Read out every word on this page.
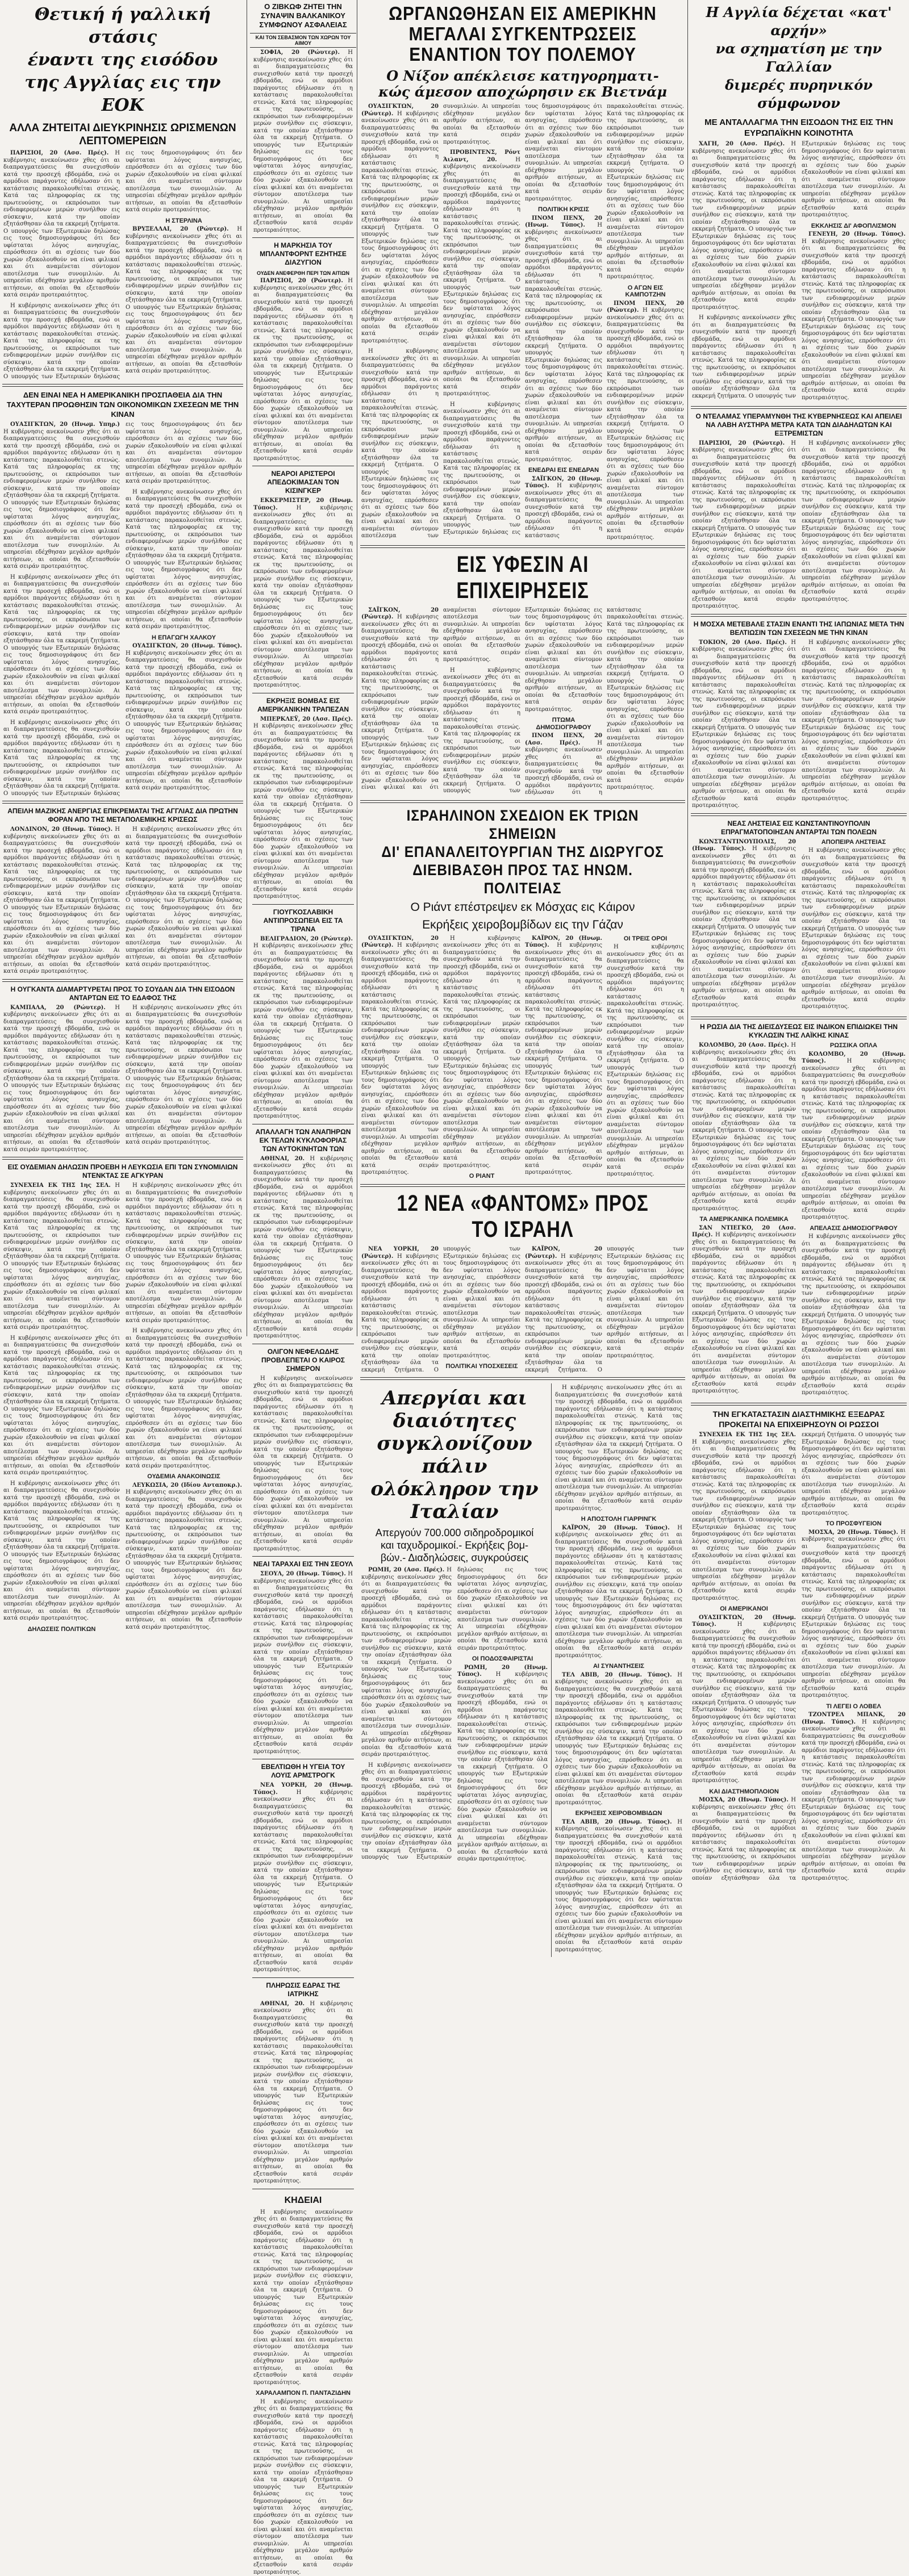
Θετική ή γαλλική στάσις
έναντι της εισόδου
της Αγγλίας εις την ΕΟΚ
ΑΛΛΑ ΖΗΤΕΙΤΑΙ ΔΙΕΥΚΡΙΝΗΣΙΣ ΩΡΙΣΜΕΝΩΝ ΛΕΠΤΟΜΕΡΕΙΩΝ

ΠΑΡΙΣΙΟΙ, 20 (Ασσ. Πρές). Η κυβέρνησις ανεκοίνωσεν χθες ότι αι διαπραγματεύσεις θα συνεχισθούν κατά την προσεχή εβδομάδα, ενώ οι αρμόδιοι παράγοντες εδήλωσαν ότι η κατάστασις παρακολουθείται στενώς. Κατά τας πληροφορίας εκ της πρωτευούσης, οι εκπρόσωποι των ενδιαφερομένων μερών συνήλθον εις σύσκεψιν, κατά την οποίαν εξητάσθησαν όλα τα εκκρεμή ζητήματα. Ο υπουργός των Εξωτερικών δηλώσας εις τους δημοσιογράφους ότι δεν υφίσταται λόγος ανησυχίας, επρόσθεσεν ότι αι σχέσεις των δύο χωρών εξακολουθούν να είναι φιλικαί και ότι αναμένεται σύντομον αποτέλεσμα των συνομιλιών. Αι υπηρεσίαι εδέχθησαν μεγάλον αριθμόν αιτήσεων, αι οποίαι θα εξετασθούν κατά σειράν προτεραιότητος.

Η κυβέρνησις ανεκοίνωσεν χθες ότι αι διαπραγματεύσεις θα συνεχισθούν κατά την προσεχή εβδομάδα, ενώ οι αρμόδιοι παράγοντες εδήλωσαν ότι η κατάστασις παρακολουθείται στενώς. Κατά τας πληροφορίας εκ της πρωτευούσης, οι εκπρόσωποι των ενδιαφερομένων μερών συνήλθον εις σύσκεψιν, κατά την οποίαν εξητάσθησαν όλα τα εκκρεμή ζητήματα. Ο υπουργός των Εξωτερικών δηλώσας εις τους δημοσιογράφους ότι δεν υφίσταται λόγος ανησυχίας, επρόσθεσεν ότι αι σχέσεις των δύο χωρών εξακολουθούν να είναι φιλικαί και ότι αναμένεται σύντομον αποτέλεσμα των συνομιλιών. Αι υπηρεσίαι εδέχθησαν μεγάλον αριθμόν αιτήσεων, αι οποίαι θα εξετασθούν κατά σειράν προτεραιότητος.

Η ΣΤΕΡΛΙΝΑ

ΒΡΥΞΕΛΛΑΙ, 20 (Ρώυτερ). Η κυβέρνησις ανεκοίνωσεν χθες ότι αι διαπραγματεύσεις θα συνεχισθούν κατά την προσεχή εβδομάδα, ενώ οι αρμόδιοι παράγοντες εδήλωσαν ότι η κατάστασις παρακολουθείται στενώς. Κατά τας πληροφορίας εκ της πρωτευούσης, οι εκπρόσωποι των ενδιαφερομένων μερών συνήλθον εις σύσκεψιν, κατά την οποίαν εξητάσθησαν όλα τα εκκρεμή ζητήματα. Ο υπουργός των Εξωτερικών δηλώσας εις τους δημοσιογράφους ότι δεν υφίσταται λόγος ανησυχίας, επρόσθεσεν ότι αι σχέσεις των δύο χωρών εξακολουθούν να είναι φιλικαί και ότι αναμένεται σύντομον αποτέλεσμα των συνομιλιών. Αι υπηρεσίαι εδέχθησαν μεγάλον αριθμόν αιτήσεων, αι οποίαι θα εξετασθούν κατά σειράν προτεραιότητος.

ΔΕΝ ΕΙΝΑΙ ΝΕΑ Η ΑΜΕΡΙΚΑΝΙΚΗ ΠΡΟΣΠΑΘΕΙΑ ΔΙΑ ΤΗΝ ΤΑΧΥΤΕΡΑΝ ΠΡΟΩΘΗΣΙΝ ΤΩΝ ΟΙΚΟΝΟΜΙΚΩΝ ΣΧΕΣΕΩΝ ΜΕ ΤΗΝ ΚΙΝΑΝ

ΟΥΑΣΙΓΚΤΩΝ, 20 (Ηνωμ. Υπηρ.) Η κυβέρνησις ανεκοίνωσεν χθες ότι αι διαπραγματεύσεις θα συνεχισθούν κατά την προσεχή εβδομάδα, ενώ οι αρμόδιοι παράγοντες εδήλωσαν ότι η κατάστασις παρακολουθείται στενώς. Κατά τας πληροφορίας εκ της πρωτευούσης, οι εκπρόσωποι των ενδιαφερομένων μερών συνήλθον εις σύσκεψιν, κατά την οποίαν εξητάσθησαν όλα τα εκκρεμή ζητήματα. Ο υπουργός των Εξωτερικών δηλώσας εις τους δημοσιογράφους ότι δεν υφίσταται λόγος ανησυχίας, επρόσθεσεν ότι αι σχέσεις των δύο χωρών εξακολουθούν να είναι φιλικαί και ότι αναμένεται σύντομον αποτέλεσμα των συνομιλιών. Αι υπηρεσίαι εδέχθησαν μεγάλον αριθμόν αιτήσεων, αι οποίαι θα εξετασθούν κατά σειράν προτεραιότητος.

Η κυβέρνησις ανεκοίνωσεν χθες ότι αι διαπραγματεύσεις θα συνεχισθούν κατά την προσεχή εβδομάδα, ενώ οι αρμόδιοι παράγοντες εδήλωσαν ότι η κατάστασις παρακολουθείται στενώς. Κατά τας πληροφορίας εκ της πρωτευούσης, οι εκπρόσωποι των ενδιαφερομένων μερών συνήλθον εις σύσκεψιν, κατά την οποίαν εξητάσθησαν όλα τα εκκρεμή ζητήματα. Ο υπουργός των Εξωτερικών δηλώσας εις τους δημοσιογράφους ότι δεν υφίσταται λόγος ανησυχίας, επρόσθεσεν ότι αι σχέσεις των δύο χωρών εξακολουθούν να είναι φιλικαί και ότι αναμένεται σύντομον αποτέλεσμα των συνομιλιών. Αι υπηρεσίαι εδέχθησαν μεγάλον αριθμόν αιτήσεων, αι οποίαι θα εξετασθούν κατά σειράν προτεραιότητος.

Η κυβέρνησις ανεκοίνωσεν χθες ότι αι διαπραγματεύσεις θα συνεχισθούν κατά την προσεχή εβδομάδα, ενώ οι αρμόδιοι παράγοντες εδήλωσαν ότι η κατάστασις παρακολουθείται στενώς. Κατά τας πληροφορίας εκ της πρωτευούσης, οι εκπρόσωποι των ενδιαφερομένων μερών συνήλθον εις σύσκεψιν, κατά την οποίαν εξητάσθησαν όλα τα εκκρεμή ζητήματα. Ο υπουργός των Εξωτερικών δηλώσας εις τους δημοσιογράφους ότι δεν υφίσταται λόγος ανησυχίας, επρόσθεσεν ότι αι σχέσεις των δύο χωρών εξακολουθούν να είναι φιλικαί και ότι αναμένεται σύντομον αποτέλεσμα των συνομιλιών. Αι υπηρεσίαι εδέχθησαν μεγάλον αριθμόν αιτήσεων, αι οποίαι θα εξετασθούν κατά σειράν προτεραιότητος.

Η κυβέρνησις ανεκοίνωσεν χθες ότι αι διαπραγματεύσεις θα συνεχισθούν κατά την προσεχή εβδομάδα, ενώ οι αρμόδιοι παράγοντες εδήλωσαν ότι η κατάστασις παρακολουθείται στενώς. Κατά τας πληροφορίας εκ της πρωτευούσης, οι εκπρόσωποι των ενδιαφερομένων μερών συνήλθον εις σύσκεψιν, κατά την οποίαν εξητάσθησαν όλα τα εκκρεμή ζητήματα. Ο υπουργός των Εξωτερικών δηλώσας εις τους δημοσιογράφους ότι δεν υφίσταται λόγος ανησυχίας, επρόσθεσεν ότι αι σχέσεις των δύο χωρών εξακολουθούν να είναι φιλικαί και ότι αναμένεται σύντομον αποτέλεσμα των συνομιλιών. Αι υπηρεσίαι εδέχθησαν μεγάλον αριθμόν αιτήσεων, αι οποίαι θα εξετασθούν κατά σειράν προτεραιότητος.

Η ΕΠΑΓΩΓΗ ΧΑΛΚΟΥ

ΟΥΑΣΙΓΚΤΩΝ, 20 (Ηνωμ. Τύπος). Η κυβέρνησις ανεκοίνωσεν χθες ότι αι διαπραγματεύσεις θα συνεχισθούν κατά την προσεχή εβδομάδα, ενώ οι αρμόδιοι παράγοντες εδήλωσαν ότι η κατάστασις παρακολουθείται στενώς. Κατά τας πληροφορίας εκ της πρωτευούσης, οι εκπρόσωποι των ενδιαφερομένων μερών συνήλθον εις σύσκεψιν, κατά την οποίαν εξητάσθησαν όλα τα εκκρεμή ζητήματα. Ο υπουργός των Εξωτερικών δηλώσας εις τους δημοσιογράφους ότι δεν υφίσταται λόγος ανησυχίας, επρόσθεσεν ότι αι σχέσεις των δύο χωρών εξακολουθούν να είναι φιλικαί και ότι αναμένεται σύντομον αποτέλεσμα των συνομιλιών. Αι υπηρεσίαι εδέχθησαν μεγάλον αριθμόν αιτήσεων, αι οποίαι θα εξετασθούν κατά σειράν προτεραιότητος.

ΑΠΕΙΛΗ ΜΑΖΙΚΗΣ ΑΝΕΡΓΙΑΣ ΕΠΙΚΡΕΜΑΤΑΙ ΤΗΣ ΑΓΓΛΙΑΣ ΔΙΑ ΠΡΩΤΗΝ ΦΟΡΑΝ ΑΠΟ ΤΗΣ ΜΕΤΑΠΟΛΕΜΙΚΗΣ ΚΡΙΣΕΩΣ

ΛΟΝΔΙΝΟΝ, 20 (Ηνωμ. Τύπος). Η κυβέρνησις ανεκοίνωσεν χθες ότι αι διαπραγματεύσεις θα συνεχισθούν κατά την προσεχή εβδομάδα, ενώ οι αρμόδιοι παράγοντες εδήλωσαν ότι η κατάστασις παρακολουθείται στενώς. Κατά τας πληροφορίας εκ της πρωτευούσης, οι εκπρόσωποι των ενδιαφερομένων μερών συνήλθον εις σύσκεψιν, κατά την οποίαν εξητάσθησαν όλα τα εκκρεμή ζητήματα. Ο υπουργός των Εξωτερικών δηλώσας εις τους δημοσιογράφους ότι δεν υφίσταται λόγος ανησυχίας, επρόσθεσεν ότι αι σχέσεις των δύο χωρών εξακολουθούν να είναι φιλικαί και ότι αναμένεται σύντομον αποτέλεσμα των συνομιλιών. Αι υπηρεσίαι εδέχθησαν μεγάλον αριθμόν αιτήσεων, αι οποίαι θα εξετασθούν κατά σειράν προτεραιότητος.

Η κυβέρνησις ανεκοίνωσεν χθες ότι αι διαπραγματεύσεις θα συνεχισθούν κατά την προσεχή εβδομάδα, ενώ οι αρμόδιοι παράγοντες εδήλωσαν ότι η κατάστασις παρακολουθείται στενώς. Κατά τας πληροφορίας εκ της πρωτευούσης, οι εκπρόσωποι των ενδιαφερομένων μερών συνήλθον εις σύσκεψιν, κατά την οποίαν εξητάσθησαν όλα τα εκκρεμή ζητήματα. Ο υπουργός των Εξωτερικών δηλώσας εις τους δημοσιογράφους ότι δεν υφίσταται λόγος ανησυχίας, επρόσθεσεν ότι αι σχέσεις των δύο χωρών εξακολουθούν να είναι φιλικαί και ότι αναμένεται σύντομον αποτέλεσμα των συνομιλιών. Αι υπηρεσίαι εδέχθησαν μεγάλον αριθμόν αιτήσεων, αι οποίαι θα εξετασθούν κατά σειράν προτεραιότητος.

Η ΟΥΓΚΑΝΤΑ ΔΙΑΜΑΡΤΥΡΕΤΑΙ ΠΡΟΣ ΤΟ ΣΟΥΔΑΝ ΔΙΑ ΤΗΝ ΕΙΣΟΔΟΝ ΑΝΤΑΡΤΩΝ ΕΙΣ ΤΟ ΕΔΑΦΟΣ ΤΗΣ

ΚΑΜΠΑΛΑ, 20 (Ρώυτερ). Η κυβέρνησις ανεκοίνωσεν χθες ότι αι διαπραγματεύσεις θα συνεχισθούν κατά την προσεχή εβδομάδα, ενώ οι αρμόδιοι παράγοντες εδήλωσαν ότι η κατάστασις παρακολουθείται στενώς. Κατά τας πληροφορίας εκ της πρωτευούσης, οι εκπρόσωποι των ενδιαφερομένων μερών συνήλθον εις σύσκεψιν, κατά την οποίαν εξητάσθησαν όλα τα εκκρεμή ζητήματα. Ο υπουργός των Εξωτερικών δηλώσας εις τους δημοσιογράφους ότι δεν υφίσταται λόγος ανησυχίας, επρόσθεσεν ότι αι σχέσεις των δύο χωρών εξακολουθούν να είναι φιλικαί και ότι αναμένεται σύντομον αποτέλεσμα των συνομιλιών. Αι υπηρεσίαι εδέχθησαν μεγάλον αριθμόν αιτήσεων, αι οποίαι θα εξετασθούν κατά σειράν προτεραιότητος.

Η κυβέρνησις ανεκοίνωσεν χθες ότι αι διαπραγματεύσεις θα συνεχισθούν κατά την προσεχή εβδομάδα, ενώ οι αρμόδιοι παράγοντες εδήλωσαν ότι η κατάστασις παρακολουθείται στενώς. Κατά τας πληροφορίας εκ της πρωτευούσης, οι εκπρόσωποι των ενδιαφερομένων μερών συνήλθον εις σύσκεψιν, κατά την οποίαν εξητάσθησαν όλα τα εκκρεμή ζητήματα. Ο υπουργός των Εξωτερικών δηλώσας εις τους δημοσιογράφους ότι δεν υφίσταται λόγος ανησυχίας, επρόσθεσεν ότι αι σχέσεις των δύο χωρών εξακολουθούν να είναι φιλικαί και ότι αναμένεται σύντομον αποτέλεσμα των συνομιλιών. Αι υπηρεσίαι εδέχθησαν μεγάλον αριθμόν αιτήσεων, αι οποίαι θα εξετασθούν κατά σειράν προτεραιότητος.

ΕΙΣ ΟΥΔΕΜΙΑΝ ΔΗΛΩΣΙΝ ΠΡΟΕΒΗ Η ΛΕΥΚΩΣΙΑ ΕΠΙ ΤΩΝ ΣΥΝΟΜΙΛΙΩΝ ΝΤΕΝΚΤΑΣ ΣΕ ΑΓΚΥΡΑΝ

ΣΥΝΕΧΕΙΑ ΕΚ ΤΗΣ 1ης ΣΕΛ. Η κυβέρνησις ανεκοίνωσεν χθες ότι αι διαπραγματεύσεις θα συνεχισθούν κατά την προσεχή εβδομάδα, ενώ οι αρμόδιοι παράγοντες εδήλωσαν ότι η κατάστασις παρακολουθείται στενώς. Κατά τας πληροφορίας εκ της πρωτευούσης, οι εκπρόσωποι των ενδιαφερομένων μερών συνήλθον εις σύσκεψιν, κατά την οποίαν εξητάσθησαν όλα τα εκκρεμή ζητήματα. Ο υπουργός των Εξωτερικών δηλώσας εις τους δημοσιογράφους ότι δεν υφίσταται λόγος ανησυχίας, επρόσθεσεν ότι αι σχέσεις των δύο χωρών εξακολουθούν να είναι φιλικαί και ότι αναμένεται σύντομον αποτέλεσμα των συνομιλιών. Αι υπηρεσίαι εδέχθησαν μεγάλον αριθμόν αιτήσεων, αι οποίαι θα εξετασθούν κατά σειράν προτεραιότητος.

Η κυβέρνησις ανεκοίνωσεν χθες ότι αι διαπραγματεύσεις θα συνεχισθούν κατά την προσεχή εβδομάδα, ενώ οι αρμόδιοι παράγοντες εδήλωσαν ότι η κατάστασις παρακολουθείται στενώς. Κατά τας πληροφορίας εκ της πρωτευούσης, οι εκπρόσωποι των ενδιαφερομένων μερών συνήλθον εις σύσκεψιν, κατά την οποίαν εξητάσθησαν όλα τα εκκρεμή ζητήματα. Ο υπουργός των Εξωτερικών δηλώσας εις τους δημοσιογράφους ότι δεν υφίσταται λόγος ανησυχίας, επρόσθεσεν ότι αι σχέσεις των δύο χωρών εξακολουθούν να είναι φιλικαί και ότι αναμένεται σύντομον αποτέλεσμα των συνομιλιών. Αι υπηρεσίαι εδέχθησαν μεγάλον αριθμόν αιτήσεων, αι οποίαι θα εξετασθούν κατά σειράν προτεραιότητος.

Η κυβέρνησις ανεκοίνωσεν χθες ότι αι διαπραγματεύσεις θα συνεχισθούν κατά την προσεχή εβδομάδα, ενώ οι αρμόδιοι παράγοντες εδήλωσαν ότι η κατάστασις παρακολουθείται στενώς. Κατά τας πληροφορίας εκ της πρωτευούσης, οι εκπρόσωποι των ενδιαφερομένων μερών συνήλθον εις σύσκεψιν, κατά την οποίαν εξητάσθησαν όλα τα εκκρεμή ζητήματα. Ο υπουργός των Εξωτερικών δηλώσας εις τους δημοσιογράφους ότι δεν υφίσταται λόγος ανησυχίας, επρόσθεσεν ότι αι σχέσεις των δύο χωρών εξακολουθούν να είναι φιλικαί και ότι αναμένεται σύντομον αποτέλεσμα των συνομιλιών. Αι υπηρεσίαι εδέχθησαν μεγάλον αριθμόν αιτήσεων, αι οποίαι θα εξετασθούν κατά σειράν προτεραιότητος.

ΔΗΛΩΣΕΙΣ ΠΟΛΙΤΙΚΩΝ

Η κυβέρνησις ανεκοίνωσεν χθες ότι αι διαπραγματεύσεις θα συνεχισθούν κατά την προσεχή εβδομάδα, ενώ οι αρμόδιοι παράγοντες εδήλωσαν ότι η κατάστασις παρακολουθείται στενώς. Κατά τας πληροφορίας εκ της πρωτευούσης, οι εκπρόσωποι των ενδιαφερομένων μερών συνήλθον εις σύσκεψιν, κατά την οποίαν εξητάσθησαν όλα τα εκκρεμή ζητήματα. Ο υπουργός των Εξωτερικών δηλώσας εις τους δημοσιογράφους ότι δεν υφίσταται λόγος ανησυχίας, επρόσθεσεν ότι αι σχέσεις των δύο χωρών εξακολουθούν να είναι φιλικαί και ότι αναμένεται σύντομον αποτέλεσμα των συνομιλιών. Αι υπηρεσίαι εδέχθησαν μεγάλον αριθμόν αιτήσεων, αι οποίαι θα εξετασθούν κατά σειράν προτεραιότητος.

Η κυβέρνησις ανεκοίνωσεν χθες ότι αι διαπραγματεύσεις θα συνεχισθούν κατά την προσεχή εβδομάδα, ενώ οι αρμόδιοι παράγοντες εδήλωσαν ότι η κατάστασις παρακολουθείται στενώς. Κατά τας πληροφορίας εκ της πρωτευούσης, οι εκπρόσωποι των ενδιαφερομένων μερών συνήλθον εις σύσκεψιν, κατά την οποίαν εξητάσθησαν όλα τα εκκρεμή ζητήματα. Ο υπουργός των Εξωτερικών δηλώσας εις τους δημοσιογράφους ότι δεν υφίσταται λόγος ανησυχίας, επρόσθεσεν ότι αι σχέσεις των δύο χωρών εξακολουθούν να είναι φιλικαί και ότι αναμένεται σύντομον αποτέλεσμα των συνομιλιών. Αι υπηρεσίαι εδέχθησαν μεγάλον αριθμόν αιτήσεων, αι οποίαι θα εξετασθούν κατά σειράν προτεραιότητος.

ΟΥΔΕΜΙΑ ΑΝΑΚΟΙΝΩΣΙΣ

ΛΕΥΚΩΣΙΑ, 20 (Ιδίου Ανταποκρ.). Η κυβέρνησις ανεκοίνωσεν χθες ότι αι διαπραγματεύσεις θα συνεχισθούν κατά την προσεχή εβδομάδα, ενώ οι αρμόδιοι παράγοντες εδήλωσαν ότι η κατάστασις παρακολουθείται στενώς. Κατά τας πληροφορίας εκ της πρωτευούσης, οι εκπρόσωποι των ενδιαφερομένων μερών συνήλθον εις σύσκεψιν, κατά την οποίαν εξητάσθησαν όλα τα εκκρεμή ζητήματα. Ο υπουργός των Εξωτερικών δηλώσας εις τους δημοσιογράφους ότι δεν υφίσταται λόγος ανησυχίας, επρόσθεσεν ότι αι σχέσεις των δύο χωρών εξακολουθούν να είναι φιλικαί και ότι αναμένεται σύντομον αποτέλεσμα των συνομιλιών. Αι υπηρεσίαι εδέχθησαν μεγάλον αριθμόν αιτήσεων, αι οποίαι θα εξετασθούν κατά σειράν προτεραιότητος.

Ο ΖΙΒΚΩΦ ΖΗΤΕΙ ΤΗΝ ΣΥΝΑΨΙΝ ΒΑΛΚΑΝΙΚΟΥ ΣΥΜΦΩΝΟΥ ΑΣΦΑΛΕΙΑΣ
ΚΑΙ ΤΟΝ ΣΕΒΑΣΜΟΝ ΤΩΝ ΧΩΡΩΝ ΤΟΥ ΑΙΜΟΥ

ΣΟΦΙΑ, 20 (Ρώυτερ). Η κυβέρνησις ανεκοίνωσεν χθες ότι αι διαπραγματεύσεις θα συνεχισθούν κατά την προσεχή εβδομάδα, ενώ οι αρμόδιοι παράγοντες εδήλωσαν ότι η κατάστασις παρακολουθείται στενώς. Κατά τας πληροφορίας εκ της πρωτευούσης, οι εκπρόσωποι των ενδιαφερομένων μερών συνήλθον εις σύσκεψιν, κατά την οποίαν εξητάσθησαν όλα τα εκκρεμή ζητήματα. Ο υπουργός των Εξωτερικών δηλώσας εις τους δημοσιογράφους ότι δεν υφίσταται λόγος ανησυχίας, επρόσθεσεν ότι αι σχέσεις των δύο χωρών εξακολουθούν να είναι φιλικαί και ότι αναμένεται σύντομον αποτέλεσμα των συνομιλιών. Αι υπηρεσίαι εδέχθησαν μεγάλον αριθμόν αιτήσεων, αι οποίαι θα εξετασθούν κατά σειράν προτεραιότητος.

Η ΜΑΡΚΗΣΙΑ ΤΟΥ ΜΠΛΑΝΤΦΟΡΝΤ ΕΖΗΤΗΣΕ ΔΙΑΖΥΓΙΟΝ
ΟΥΔΕΝ ΑΝΕΦΕΡΘΗ ΠΕΡΙ ΤΩΝ ΑΙΤΙΩΝ

ΠΑΡΙΣΙΟΙ, 20 (Ρώυτερ). Η κυβέρνησις ανεκοίνωσεν χθες ότι αι διαπραγματεύσεις θα συνεχισθούν κατά την προσεχή εβδομάδα, ενώ οι αρμόδιοι παράγοντες εδήλωσαν ότι η κατάστασις παρακολουθείται στενώς. Κατά τας πληροφορίας εκ της πρωτευούσης, οι εκπρόσωποι των ενδιαφερομένων μερών συνήλθον εις σύσκεψιν, κατά την οποίαν εξητάσθησαν όλα τα εκκρεμή ζητήματα. Ο υπουργός των Εξωτερικών δηλώσας εις τους δημοσιογράφους ότι δεν υφίσταται λόγος ανησυχίας, επρόσθεσεν ότι αι σχέσεις των δύο χωρών εξακολουθούν να είναι φιλικαί και ότι αναμένεται σύντομον αποτέλεσμα των συνομιλιών. Αι υπηρεσίαι εδέχθησαν μεγάλον αριθμόν αιτήσεων, αι οποίαι θα εξετασθούν κατά σειράν προτεραιότητος.

ΝΕΑΡΟΙ ΑΡΙΣΤΕΡΟΙ ΑΠΕΔΟΚΙΜΑΣΑΝ ΤΟΝ ΚΙΣΙΝΓΚΕΡ

ΕΚΚΕΡΜΙΣΤΕΡ, 20 (Ηνωμ. Τύπος).	Η κυβέρνησις ανεκοίνωσεν χθες ότι αι διαπραγματεύσεις θα συνεχισθούν κατά την προσεχή εβδομάδα, ενώ οι αρμόδιοι παράγοντες εδήλωσαν ότι η κατάστασις παρακολουθείται στενώς. Κατά τας πληροφορίας εκ της πρωτευούσης, οι εκπρόσωποι των ενδιαφερομένων μερών συνήλθον εις σύσκεψιν, κατά την οποίαν εξητάσθησαν όλα τα εκκρεμή ζητήματα. Ο υπουργός των Εξωτερικών δηλώσας εις τους δημοσιογράφους ότι δεν υφίσταται λόγος ανησυχίας, επρόσθεσεν ότι αι σχέσεις των δύο χωρών εξακολουθούν να είναι φιλικαί και ότι αναμένεται σύντομον αποτέλεσμα των συνομιλιών. Αι υπηρεσίαι εδέχθησαν μεγάλον αριθμόν αιτήσεων, αι οποίαι θα εξετασθούν κατά σειράν προτεραιότητος.

ΕΚΡΗΞΙΣ ΒΟΜΒΑΣ ΕΙΣ ΑΜΕΡΙΚΑΝΙΚΗΝ ΤΡΑΠΕΖΑΝ

ΜΠΕΡΚΛΕΫ, 20 (Ασσ. Πρές). Η κυβέρνησις ανεκοίνωσεν χθες ότι αι διαπραγματεύσεις θα συνεχισθούν κατά την προσεχή εβδομάδα, ενώ οι αρμόδιοι παράγοντες εδήλωσαν ότι η κατάστασις παρακολουθείται στενώς. Κατά τας πληροφορίας εκ της πρωτευούσης, οι εκπρόσωποι των ενδιαφερομένων μερών συνήλθον εις σύσκεψιν, κατά την οποίαν εξητάσθησαν όλα τα εκκρεμή ζητήματα. Ο υπουργός των Εξωτερικών δηλώσας εις τους δημοσιογράφους ότι δεν υφίσταται λόγος ανησυχίας, επρόσθεσεν ότι αι σχέσεις των δύο χωρών εξακολουθούν να είναι φιλικαί και ότι αναμένεται σύντομον αποτέλεσμα των συνομιλιών. Αι υπηρεσίαι εδέχθησαν μεγάλον αριθμόν αιτήσεων, αι οποίαι θα εξετασθούν κατά σειράν προτεραιότητος.

ΓΙΟΥΓΚΟΣΛΑΒΙΚΗ ΑΝΤΙΠΡΟΣΩΠΕΙΑ ΕΙΣ ΤΑ ΤΙΡΑΝΑ

ΒΕΛΙΓΡΑΔΙΟΝ, 20 (Ρώυτερ). Η κυβέρνησις ανεκοίνωσεν χθες ότι αι διαπραγματεύσεις θα συνεχισθούν κατά την προσεχή εβδομάδα, ενώ οι αρμόδιοι παράγοντες εδήλωσαν ότι η κατάστασις παρακολουθείται στενώς. Κατά τας πληροφορίας εκ της πρωτευούσης, οι εκπρόσωποι των ενδιαφερομένων μερών συνήλθον εις σύσκεψιν, κατά την οποίαν εξητάσθησαν όλα τα εκκρεμή ζητήματα. Ο υπουργός των Εξωτερικών δηλώσας εις τους δημοσιογράφους ότι δεν υφίσταται λόγος ανησυχίας, επρόσθεσεν ότι αι σχέσεις των δύο χωρών εξακολουθούν να είναι φιλικαί και ότι αναμένεται σύντομον αποτέλεσμα των συνομιλιών. Αι υπηρεσίαι εδέχθησαν μεγάλον αριθμόν αιτήσεων, αι οποίαι θα εξετασθούν κατά σειράν προτεραιότητος.

ΑΠΑΛΛΑΓΗ ΤΩΝ ΑΝΑΠΗΡΩΝ ΕΚ ΤΕΛΩΝ ΚΥΚΛΟΦΟΡΙΑΣ ΤΩΝ ΑΥΤΟΚΙΝΗΤΩΝ ΤΩΝ

ΑΘΗΝΑΙ, 20. Η κυβέρνησις ανεκοίνωσεν χθες ότι αι διαπραγματεύσεις θα συνεχισθούν κατά την προσεχή εβδομάδα, ενώ οι αρμόδιοι παράγοντες εδήλωσαν ότι η κατάστασις παρακολουθείται στενώς. Κατά τας πληροφορίας εκ της πρωτευούσης, οι εκπρόσωποι των ενδιαφερομένων μερών συνήλθον εις σύσκεψιν, κατά την οποίαν εξητάσθησαν όλα τα εκκρεμή ζητήματα. Ο υπουργός των Εξωτερικών δηλώσας εις τους δημοσιογράφους ότι δεν υφίσταται λόγος ανησυχίας, επρόσθεσεν ότι αι σχέσεις των δύο χωρών εξακολουθούν να είναι φιλικαί και ότι αναμένεται σύντομον αποτέλεσμα των συνομιλιών. Αι υπηρεσίαι εδέχθησαν μεγάλον αριθμόν αιτήσεων, αι οποίαι θα εξετασθούν κατά σειράν προτεραιότητος.

ΟΛΙΓΟΝ ΝΕΦΕΛΩΔΗΣ ΠΡΟΒΛΕΠΕΤΑΙ Ο ΚΑΙΡΟΣ ΣΗΜΕΡΟΝ

Η κυβέρνησις ανεκοίνωσεν χθες ότι αι διαπραγματεύσεις θα συνεχισθούν κατά την προσεχή εβδομάδα, ενώ οι αρμόδιοι παράγοντες εδήλωσαν ότι η κατάστασις παρακολουθείται στενώς. Κατά τας πληροφορίας εκ της πρωτευούσης, οι εκπρόσωποι των ενδιαφερομένων μερών συνήλθον εις σύσκεψιν, κατά την οποίαν εξητάσθησαν όλα τα εκκρεμή ζητήματα. Ο υπουργός των Εξωτερικών δηλώσας εις τους δημοσιογράφους ότι δεν υφίσταται λόγος ανησυχίας, επρόσθεσεν ότι αι σχέσεις των δύο χωρών εξακολουθούν να είναι φιλικαί και ότι αναμένεται σύντομον αποτέλεσμα των συνομιλιών. Αι υπηρεσίαι εδέχθησαν μεγάλον αριθμόν αιτήσεων, αι οποίαι θα εξετασθούν κατά σειράν προτεραιότητος.

ΝΕΑΙ ΤΑΡΑΧΑΙ ΕΙΣ ΤΗΝ ΣΕΟΥΛ

ΣΕΟΥΛ, 20 (Ηνωμ. Τύπος). Η κυβέρνησις ανεκοίνωσεν χθες ότι αι διαπραγματεύσεις θα συνεχισθούν κατά την προσεχή εβδομάδα, ενώ οι αρμόδιοι παράγοντες εδήλωσαν ότι η κατάστασις παρακολουθείται στενώς. Κατά τας πληροφορίας εκ της πρωτευούσης, οι εκπρόσωποι των ενδιαφερομένων μερών συνήλθον εις σύσκεψιν, κατά την οποίαν εξητάσθησαν όλα τα εκκρεμή ζητήματα. Ο υπουργός των Εξωτερικών δηλώσας εις τους δημοσιογράφους ότι δεν υφίσταται λόγος ανησυχίας, επρόσθεσεν ότι αι σχέσεις των δύο χωρών εξακολουθούν να είναι φιλικαί και ότι αναμένεται σύντομον αποτέλεσμα των συνομιλιών. Αι υπηρεσίαι εδέχθησαν μεγάλον αριθμόν αιτήσεων, αι οποίαι θα εξετασθούν κατά σειράν προτεραιότητος.

ΕΒΕΛΤΙΩΘΗ Η ΥΓΕΙΑ ΤΟΥ ΛΟΥΙΣ ΑΡΜΣΤΡΟΓΚ

ΝΕΑ ΥΟΡΚΗ, 20 (Ηνωμ. Τύπος).	Η κυβέρνησις ανεκοίνωσεν χθες ότι αι διαπραγματεύσεις θα συνεχισθούν κατά την προσεχή εβδομάδα, ενώ οι αρμόδιοι παράγοντες εδήλωσαν ότι η κατάστασις παρακολουθείται στενώς. Κατά τας πληροφορίας εκ της πρωτευούσης, οι εκπρόσωποι των ενδιαφερομένων μερών συνήλθον εις σύσκεψιν, κατά την οποίαν εξητάσθησαν όλα τα εκκρεμή ζητήματα. Ο υπουργός των Εξωτερικών δηλώσας εις τους δημοσιογράφους ότι δεν υφίσταται λόγος ανησυχίας, επρόσθεσεν ότι αι σχέσεις των δύο χωρών εξακολουθούν να είναι φιλικαί και ότι αναμένεται σύντομον αποτέλεσμα των συνομιλιών. Αι υπηρεσίαι εδέχθησαν μεγάλον αριθμόν αιτήσεων, αι οποίαι θα εξετασθούν κατά σειράν προτεραιότητος.

ΠΛΗΡΩΣΙΣ ΕΔΡΑΣ ΤΗΣ ΙΑΤΡΙΚΗΣ

ΑΘΗΝΑΙ, 20. Η κυβέρνησις ανεκοίνωσεν χθες ότι αι διαπραγματεύσεις θα συνεχισθούν κατά την προσεχή εβδομάδα, ενώ οι αρμόδιοι παράγοντες εδήλωσαν ότι η κατάστασις παρακολουθείται στενώς. Κατά τας πληροφορίας εκ της πρωτευούσης, οι εκπρόσωποι των ενδιαφερομένων μερών συνήλθον εις σύσκεψιν, κατά την οποίαν εξητάσθησαν όλα τα εκκρεμή ζητήματα. Ο υπουργός των Εξωτερικών δηλώσας εις τους δημοσιογράφους ότι δεν υφίσταται λόγος ανησυχίας, επρόσθεσεν ότι αι σχέσεις των δύο χωρών εξακολουθούν να είναι φιλικαί και ότι αναμένεται σύντομον αποτέλεσμα των συνομιλιών. Αι υπηρεσίαι εδέχθησαν μεγάλον αριθμόν αιτήσεων, αι οποίαι θα εξετασθούν κατά σειράν προτεραιότητος.

ΚΗΔΕΙΑΙ

Η κυβέρνησις ανεκοίνωσεν χθες ότι αι διαπραγματεύσεις θα συνεχισθούν κατά την προσεχή εβδομάδα, ενώ οι αρμόδιοι παράγοντες εδήλωσαν ότι η κατάστασις παρακολουθείται στενώς. Κατά τας πληροφορίας εκ της πρωτευούσης, οι εκπρόσωποι των ενδιαφερομένων μερών συνήλθον εις σύσκεψιν, κατά την οποίαν εξητάσθησαν όλα τα εκκρεμή ζητήματα. Ο υπουργός των Εξωτερικών δηλώσας εις τους δημοσιογράφους ότι δεν υφίσταται λόγος ανησυχίας, επρόσθεσεν ότι αι σχέσεις των δύο χωρών εξακολουθούν να είναι φιλικαί και ότι αναμένεται σύντομον αποτέλεσμα των συνομιλιών. Αι υπηρεσίαι εδέχθησαν μεγάλον αριθμόν αιτήσεων, αι οποίαι θα εξετασθούν κατά σειράν προτεραιότητος.

ΧΑΡΑΛΑΜΠΟΝ Π. ΠΑΝΤΑΖΙΔΗΝ

Η κυβέρνησις ανεκοίνωσεν χθες ότι αι διαπραγματεύσεις θα συνεχισθούν κατά την προσεχή εβδομάδα, ενώ οι αρμόδιοι παράγοντες εδήλωσαν ότι η κατάστασις παρακολουθείται στενώς. Κατά τας πληροφορίας εκ της πρωτευούσης, οι εκπρόσωποι των ενδιαφερομένων μερών συνήλθον εις σύσκεψιν, κατά την οποίαν εξητάσθησαν όλα τα εκκρεμή ζητήματα. Ο υπουργός των Εξωτερικών δηλώσας εις τους δημοσιογράφους ότι δεν υφίσταται λόγος ανησυχίας, επρόσθεσεν ότι αι σχέσεις των δύο χωρών εξακολουθούν να είναι φιλικαί και ότι αναμένεται σύντομον αποτέλεσμα των συνομιλιών. Αι υπηρεσίαι εδέχθησαν μεγάλον αριθμόν αιτήσεων, αι οποίαι θα εξετασθούν κατά σειράν προτεραιότητος.

ΩΡΓΑΝΩΘΗΣΑΝ ΕΙΣ ΑΜΕΡΙΚΗΝ
ΜΕΓΑΛΑΙ ΣΥΓΚΕΝΤΡΩΣΕΙΣ
ΕΝΑΝΤΙΟΝ ΤΟΥ ΠΟΛΕΜΟΥ
Ο Νίξον απέκλεισε κατηγορηματι-
κώς άμεσον αποχώρησιν εκ Βιετνάμ

ΟΥΑΣΙΓΚΤΩΝ, 20 (Ρώυτερ). Η κυβέρνησις ανεκοίνωσεν χθες ότι αι διαπραγματεύσεις θα συνεχισθούν κατά την προσεχή εβδομάδα, ενώ οι αρμόδιοι παράγοντες εδήλωσαν ότι η κατάστασις παρακολουθείται στενώς. Κατά τας πληροφορίας εκ της πρωτευούσης, οι εκπρόσωποι των ενδιαφερομένων μερών συνήλθον εις σύσκεψιν, κατά την οποίαν εξητάσθησαν όλα τα εκκρεμή ζητήματα. Ο υπουργός των Εξωτερικών δηλώσας εις τους δημοσιογράφους ότι δεν υφίσταται λόγος ανησυχίας, επρόσθεσεν ότι αι σχέσεις των δύο χωρών εξακολουθούν να είναι φιλικαί και ότι αναμένεται σύντομον αποτέλεσμα των συνομιλιών. Αι υπηρεσίαι εδέχθησαν μεγάλον αριθμόν αιτήσεων, αι οποίαι θα εξετασθούν κατά σειράν προτεραιότητος.

Η κυβέρνησις ανεκοίνωσεν χθες ότι αι διαπραγματεύσεις θα συνεχισθούν κατά την προσεχή εβδομάδα, ενώ οι αρμόδιοι παράγοντες εδήλωσαν ότι η κατάστασις παρακολουθείται στενώς. Κατά τας πληροφορίας εκ της πρωτευούσης, οι εκπρόσωποι των ενδιαφερομένων μερών συνήλθον εις σύσκεψιν, κατά την οποίαν εξητάσθησαν όλα τα εκκρεμή ζητήματα. Ο υπουργός των Εξωτερικών δηλώσας εις τους δημοσιογράφους ότι δεν υφίσταται λόγος ανησυχίας, επρόσθεσεν ότι αι σχέσεις των δύο χωρών εξακολουθούν να είναι φιλικαί και ότι αναμένεται σύντομον αποτέλεσμα των συνομιλιών. Αι υπηρεσίαι εδέχθησαν μεγάλον αριθμόν αιτήσεων, αι οποίαι θα εξετασθούν κατά σειράν προτεραιότητος.

ΠΡΟΒΙΝΤΕΝΣ, Ρόντ Άιλαντ, 20.	Η κυβέρνησις ανεκοίνωσεν χθες ότι αι διαπραγματεύσεις θα συνεχισθούν κατά την προσεχή εβδομάδα, ενώ οι αρμόδιοι παράγοντες εδήλωσαν ότι η κατάστασις παρακολουθείται στενώς. Κατά τας πληροφορίας εκ της πρωτευούσης, οι εκπρόσωποι των ενδιαφερομένων μερών συνήλθον εις σύσκεψιν, κατά την οποίαν εξητάσθησαν όλα τα εκκρεμή ζητήματα. Ο υπουργός των Εξωτερικών δηλώσας εις τους δημοσιογράφους ότι δεν υφίσταται λόγος ανησυχίας, επρόσθεσεν ότι αι σχέσεις των δύο χωρών εξακολουθούν να είναι φιλικαί και ότι αναμένεται σύντομον αποτέλεσμα των συνομιλιών. Αι υπηρεσίαι εδέχθησαν μεγάλον αριθμόν αιτήσεων, αι οποίαι θα εξετασθούν κατά σειράν προτεραιότητος.

Η κυβέρνησις ανεκοίνωσεν χθες ότι αι διαπραγματεύσεις θα συνεχισθούν κατά την προσεχή εβδομάδα, ενώ οι αρμόδιοι παράγοντες εδήλωσαν ότι η κατάστασις παρακολουθείται στενώς. Κατά τας πληροφορίας εκ της πρωτευούσης, οι εκπρόσωποι των ενδιαφερομένων μερών συνήλθον εις σύσκεψιν, κατά την οποίαν εξητάσθησαν όλα τα εκκρεμή ζητήματα. Ο υπουργός των Εξωτερικών δηλώσας εις τους δημοσιογράφους ότι δεν υφίσταται λόγος ανησυχίας, επρόσθεσεν ότι αι σχέσεις των δύο χωρών εξακολουθούν να είναι φιλικαί και ότι αναμένεται σύντομον αποτέλεσμα των συνομιλιών. Αι υπηρεσίαι εδέχθησαν μεγάλον αριθμόν αιτήσεων, αι οποίαι θα εξετασθούν κατά σειράν προτεραιότητος.

ΠΟΛΙΤΙΚΗ ΚΡΙΣΙΣ

ΠΝΟΜ ΠΕΝΧ, 20 (Ηνωμ. Τύπος). Η κυβέρνησις ανεκοίνωσεν χθες ότι αι διαπραγματεύσεις θα συνεχισθούν κατά την προσεχή εβδομάδα, ενώ οι αρμόδιοι παράγοντες εδήλωσαν ότι η κατάστασις παρακολουθείται στενώς. Κατά τας πληροφορίας εκ της πρωτευούσης, οι εκπρόσωποι των ενδιαφερομένων μερών συνήλθον εις σύσκεψιν, κατά την οποίαν εξητάσθησαν όλα τα εκκρεμή ζητήματα. Ο υπουργός των Εξωτερικών δηλώσας εις τους δημοσιογράφους ότι δεν υφίσταται λόγος ανησυχίας, επρόσθεσεν ότι αι σχέσεις των δύο χωρών εξακολουθούν να είναι φιλικαί και ότι αναμένεται σύντομον αποτέλεσμα των συνομιλιών. Αι υπηρεσίαι εδέχθησαν μεγάλον αριθμόν αιτήσεων, αι οποίαι θα εξετασθούν κατά σειράν προτεραιότητος.

ΕΝΕΔΡΑΙ ΕΙΣ ΕΝΕΔΡΑΝ

ΣΑΪΓΚΟΝ, 20 (Ηνωμ. Τύπος). Η κυβέρνησις ανεκοίνωσεν χθες ότι αι διαπραγματεύσεις θα συνεχισθούν κατά την προσεχή εβδομάδα, ενώ οι αρμόδιοι παράγοντες εδήλωσαν ότι η κατάστασις παρακολουθείται στενώς. Κατά τας πληροφορίας εκ της πρωτευούσης, οι εκπρόσωποι των ενδιαφερομένων μερών συνήλθον εις σύσκεψιν, κατά την οποίαν εξητάσθησαν όλα τα εκκρεμή ζητήματα. Ο υπουργός των Εξωτερικών δηλώσας εις τους δημοσιογράφους ότι δεν υφίσταται λόγος ανησυχίας, επρόσθεσεν ότι αι σχέσεις των δύο χωρών εξακολουθούν να είναι φιλικαί και ότι αναμένεται σύντομον αποτέλεσμα των συνομιλιών. Αι υπηρεσίαι εδέχθησαν μεγάλον αριθμόν αιτήσεων, αι οποίαι θα εξετασθούν κατά σειράν προτεραιότητος.

Ο ΑΓΩΝ ΕΙΣ ΚΑΜΠΟΤΖΗΝ

ΠΝΟΜ ΠΕΝΧ, 20 (Ρώυτερ). Η κυβέρνησις ανεκοίνωσεν χθες ότι αι διαπραγματεύσεις θα συνεχισθούν κατά την προσεχή εβδομάδα, ενώ οι αρμόδιοι παράγοντες εδήλωσαν ότι η κατάστασις παρακολουθείται στενώς. Κατά τας πληροφορίας εκ της πρωτευούσης, οι εκπρόσωποι των ενδιαφερομένων μερών συνήλθον εις σύσκεψιν, κατά την οποίαν εξητάσθησαν όλα τα εκκρεμή ζητήματα. Ο υπουργός των Εξωτερικών δηλώσας εις τους δημοσιογράφους ότι δεν υφίσταται λόγος ανησυχίας, επρόσθεσεν ότι αι σχέσεις των δύο χωρών εξακολουθούν να είναι φιλικαί και ότι αναμένεται σύντομον αποτέλεσμα των συνομιλιών. Αι υπηρεσίαι εδέχθησαν μεγάλον αριθμόν αιτήσεων, αι οποίαι θα εξετασθούν κατά σειράν προτεραιότητος.

ΕΙΣ ΥΦΕΣΙΝ ΑΙ ΕΠΙΧΕΙΡΗΣΕΙΣ

ΣΑΪΓΚΟΝ, 20 (Ρώυτερ). Η κυβέρνησις ανεκοίνωσεν χθες ότι αι διαπραγματεύσεις θα συνεχισθούν κατά την προσεχή εβδομάδα, ενώ οι αρμόδιοι παράγοντες εδήλωσαν ότι η κατάστασις παρακολουθείται στενώς. Κατά τας πληροφορίας εκ της πρωτευούσης, οι εκπρόσωποι των ενδιαφερομένων μερών συνήλθον εις σύσκεψιν, κατά την οποίαν εξητάσθησαν όλα τα εκκρεμή ζητήματα. Ο υπουργός των Εξωτερικών δηλώσας εις τους δημοσιογράφους ότι δεν υφίσταται λόγος ανησυχίας, επρόσθεσεν ότι αι σχέσεις των δύο χωρών εξακολουθούν να είναι φιλικαί και ότι αναμένεται σύντομον αποτέλεσμα των συνομιλιών. Αι υπηρεσίαι εδέχθησαν μεγάλον αριθμόν αιτήσεων, αι οποίαι θα εξετασθούν κατά σειράν προτεραιότητος.

Η κυβέρνησις ανεκοίνωσεν χθες ότι αι διαπραγματεύσεις θα συνεχισθούν κατά την προσεχή εβδομάδα, ενώ οι αρμόδιοι παράγοντες εδήλωσαν ότι η κατάστασις παρακολουθείται στενώς. Κατά τας πληροφορίας εκ της πρωτευούσης, οι εκπρόσωποι των ενδιαφερομένων μερών συνήλθον εις σύσκεψιν, κατά την οποίαν εξητάσθησαν όλα τα εκκρεμή ζητήματα. Ο υπουργός των Εξωτερικών δηλώσας εις τους δημοσιογράφους ότι δεν υφίσταται λόγος ανησυχίας, επρόσθεσεν ότι αι σχέσεις των δύο χωρών εξακολουθούν να είναι φιλικαί και ότι αναμένεται σύντομον αποτέλεσμα των συνομιλιών. Αι υπηρεσίαι εδέχθησαν μεγάλον αριθμόν αιτήσεων, αι οποίαι θα εξετασθούν κατά σειράν προτεραιότητος.

ΠΤΩΜΑ ΔΗΜΟΣΙΟΓΡΑΦΟΥ

ΠΝΟΜ ΠΕΝΧ, 20 (Ασσ. Πρές).	Η κυβέρνησις ανεκοίνωσεν χθες ότι αι διαπραγματεύσεις θα συνεχισθούν κατά την προσεχή εβδομάδα, ενώ οι αρμόδιοι παράγοντες εδήλωσαν ότι η κατάστασις παρακολουθείται στενώς. Κατά τας πληροφορίας εκ της πρωτευούσης, οι εκπρόσωποι των ενδιαφερομένων μερών συνήλθον εις σύσκεψιν, κατά την οποίαν εξητάσθησαν όλα τα εκκρεμή ζητήματα. Ο υπουργός των Εξωτερικών δηλώσας εις τους δημοσιογράφους ότι δεν υφίσταται λόγος ανησυχίας, επρόσθεσεν ότι αι σχέσεις των δύο χωρών εξακολουθούν να είναι φιλικαί και ότι αναμένεται σύντομον αποτέλεσμα των συνομιλιών. Αι υπηρεσίαι εδέχθησαν μεγάλον αριθμόν αιτήσεων, αι οποίαι θα εξετασθούν κατά σειράν προτεραιότητος.

ΙΣΡΑΗΛΙΝΟΝ ΣΧΕΔΙΟΝ ΕΚ ΤΡΙΩΝ ΣΗΜΕΙΩΝ
ΔΙ' ΕΠΑΝΑΛΕΙΤΟΥΡΓΙΑΝ ΤΗΣ ΔΙΩΡΥΓΟΣ
ΔΙΕΒΙΒΑΣΘΗ ΠΡΟΣ ΤΑΣ ΗΝΩΜ. ΠΟΛΙΤΕΙΑΣ
Ο Ριάντ επέστρεψεν εκ Μόσχας εις Κάιρον
Εκρήξεις χειροβομβίδων εις την Γάζαν

ΟΥΑΣΙΓΚΤΩΝ, 20 (Ρώυτερ). Η κυβέρνησις ανεκοίνωσεν χθες ότι αι διαπραγματεύσεις θα συνεχισθούν κατά την προσεχή εβδομάδα, ενώ οι αρμόδιοι παράγοντες εδήλωσαν ότι η κατάστασις παρακολουθείται στενώς. Κατά τας πληροφορίας εκ της πρωτευούσης, οι εκπρόσωποι των ενδιαφερομένων μερών συνήλθον εις σύσκεψιν, κατά την οποίαν εξητάσθησαν όλα τα εκκρεμή ζητήματα. Ο υπουργός των Εξωτερικών δηλώσας εις τους δημοσιογράφους ότι δεν υφίσταται λόγος ανησυχίας, επρόσθεσεν ότι αι σχέσεις των δύο χωρών εξακολουθούν να είναι φιλικαί και ότι αναμένεται σύντομον αποτέλεσμα των συνομιλιών. Αι υπηρεσίαι εδέχθησαν μεγάλον αριθμόν αιτήσεων, αι οποίαι θα εξετασθούν κατά σειράν προτεραιότητος.

Η κυβέρνησις ανεκοίνωσεν χθες ότι αι διαπραγματεύσεις θα συνεχισθούν κατά την προσεχή εβδομάδα, ενώ οι αρμόδιοι παράγοντες εδήλωσαν ότι η κατάστασις παρακολουθείται στενώς. Κατά τας πληροφορίας εκ της πρωτευούσης, οι εκπρόσωποι των ενδιαφερομένων μερών συνήλθον εις σύσκεψιν, κατά την οποίαν εξητάσθησαν όλα τα εκκρεμή ζητήματα. Ο υπουργός των Εξωτερικών δηλώσας εις τους δημοσιογράφους ότι δεν υφίσταται λόγος ανησυχίας, επρόσθεσεν ότι αι σχέσεις των δύο χωρών εξακολουθούν να είναι φιλικαί και ότι αναμένεται σύντομον αποτέλεσμα των συνομιλιών. Αι υπηρεσίαι εδέχθησαν μεγάλον αριθμόν αιτήσεων, αι οποίαι θα εξετασθούν κατά σειράν προτεραιότητος.

Ο ΡΙΑΝΤ

ΚΑΪΡΟΝ, 20 (Ηνωμ. Τύπος). Η κυβέρνησις ανεκοίνωσεν χθες ότι αι διαπραγματεύσεις θα συνεχισθούν κατά την προσεχή εβδομάδα, ενώ οι αρμόδιοι παράγοντες εδήλωσαν ότι η κατάστασις παρακολουθείται στενώς. Κατά τας πληροφορίας εκ της πρωτευούσης, οι εκπρόσωποι των ενδιαφερομένων μερών συνήλθον εις σύσκεψιν, κατά την οποίαν εξητάσθησαν όλα τα εκκρεμή ζητήματα. Ο υπουργός των Εξωτερικών δηλώσας εις τους δημοσιογράφους ότι δεν υφίσταται λόγος ανησυχίας, επρόσθεσεν ότι αι σχέσεις των δύο χωρών εξακολουθούν να είναι φιλικαί και ότι αναμένεται σύντομον αποτέλεσμα των συνομιλιών. Αι υπηρεσίαι εδέχθησαν μεγάλον αριθμόν αιτήσεων, αι οποίαι θα εξετασθούν κατά σειράν προτεραιότητος.

ΟΙ ΤΡΕΙΣ ΟΡΟΙ

Η κυβέρνησις ανεκοίνωσεν χθες ότι αι διαπραγματεύσεις θα συνεχισθούν κατά την προσεχή εβδομάδα, ενώ οι αρμόδιοι παράγοντες εδήλωσαν ότι η κατάστασις παρακολουθείται στενώς. Κατά τας πληροφορίας εκ της πρωτευούσης, οι εκπρόσωποι των ενδιαφερομένων μερών συνήλθον εις σύσκεψιν, κατά την οποίαν εξητάσθησαν όλα τα εκκρεμή ζητήματα. Ο υπουργός των Εξωτερικών δηλώσας εις τους δημοσιογράφους ότι δεν υφίσταται λόγος ανησυχίας, επρόσθεσεν ότι αι σχέσεις των δύο χωρών εξακολουθούν να είναι φιλικαί και ότι αναμένεται σύντομον αποτέλεσμα των συνομιλιών. Αι υπηρεσίαι εδέχθησαν μεγάλον αριθμόν αιτήσεων, αι οποίαι θα εξετασθούν κατά σειράν προτεραιότητος.

12 ΝΕΑ «ΦΑΝΤΟΜΣ» ΠΡΟΣ ΤΟ ΙΣΡΑΗΛ

ΝΕΑ ΥΟΡΚΗ, 20 (Ρώυτερ). Η κυβέρνησις ανεκοίνωσεν χθες ότι αι διαπραγματεύσεις θα συνεχισθούν κατά την προσεχή εβδομάδα, ενώ οι αρμόδιοι παράγοντες εδήλωσαν ότι η κατάστασις παρακολουθείται στενώς. Κατά τας πληροφορίας εκ της πρωτευούσης, οι εκπρόσωποι των ενδιαφερομένων μερών συνήλθον εις σύσκεψιν, κατά την οποίαν εξητάσθησαν όλα τα εκκρεμή ζητήματα. Ο υπουργός των Εξωτερικών δηλώσας εις τους δημοσιογράφους ότι δεν υφίσταται λόγος ανησυχίας, επρόσθεσεν ότι αι σχέσεις των δύο χωρών εξακολουθούν να είναι φιλικαί και ότι αναμένεται σύντομον αποτέλεσμα των συνομιλιών. Αι υπηρεσίαι εδέχθησαν μεγάλον αριθμόν αιτήσεων, αι οποίαι θα εξετασθούν κατά σειράν προτεραιότητος.

ΠΟΛΙΤΙΚΑΙ ΥΠΟΣΧΕΣΕΙΣ

ΚΑΪΡΟΝ, 20 (Ρώυτερ). Η κυβέρνησις ανεκοίνωσεν χθες ότι αι διαπραγματεύσεις θα συνεχισθούν κατά την προσεχή εβδομάδα, ενώ οι αρμόδιοι παράγοντες εδήλωσαν ότι η κατάστασις παρακολουθείται στενώς. Κατά τας πληροφορίας εκ της πρωτευούσης, οι εκπρόσωποι των ενδιαφερομένων μερών συνήλθον εις σύσκεψιν, κατά την οποίαν εξητάσθησαν όλα τα εκκρεμή ζητήματα. Ο υπουργός των Εξωτερικών δηλώσας εις τους δημοσιογράφους ότι δεν υφίσταται λόγος ανησυχίας, επρόσθεσεν ότι αι σχέσεις των δύο χωρών εξακολουθούν να είναι φιλικαί και ότι αναμένεται σύντομον αποτέλεσμα των συνομιλιών. Αι υπηρεσίαι εδέχθησαν μεγάλον αριθμόν αιτήσεων, αι οποίαι θα εξετασθούν κατά σειράν προτεραιότητος.

Απεργίαι και διαιότητες
συγκλονίζουν πάλιν
ολόκληρον την Ιταλίαν
Απεργούν 700.000 σιδηροδρομικοί
και ταχυδρομικοί.- Εκρήξεις βομ-
βών.- Διαδηλώσεις, συγκρούσεις

ΡΩΜΗ, 20 (Ασσ. Πρές). Η κυβέρνησις ανεκοίνωσεν χθες ότι αι διαπραγματεύσεις θα συνεχισθούν κατά την προσεχή εβδομάδα, ενώ οι αρμόδιοι παράγοντες εδήλωσαν ότι η κατάστασις παρακολουθείται στενώς. Κατά τας πληροφορίας εκ της πρωτευούσης, οι εκπρόσωποι των ενδιαφερομένων μερών συνήλθον εις σύσκεψιν, κατά την οποίαν εξητάσθησαν όλα τα εκκρεμή ζητήματα. Ο υπουργός των Εξωτερικών δηλώσας εις τους δημοσιογράφους ότι δεν υφίσταται λόγος ανησυχίας, επρόσθεσεν ότι αι σχέσεις των δύο χωρών εξακολουθούν να είναι φιλικαί και ότι αναμένεται σύντομον αποτέλεσμα των συνομιλιών. Αι υπηρεσίαι εδέχθησαν μεγάλον αριθμόν αιτήσεων, αι οποίαι θα εξετασθούν κατά σειράν προτεραιότητος.

Η κυβέρνησις ανεκοίνωσεν χθες ότι αι διαπραγματεύσεις θα συνεχισθούν κατά την προσεχή εβδομάδα, ενώ οι αρμόδιοι παράγοντες εδήλωσαν ότι η κατάστασις παρακολουθείται στενώς. Κατά τας πληροφορίας εκ της πρωτευούσης, οι εκπρόσωποι των ενδιαφερομένων μερών συνήλθον εις σύσκεψιν, κατά την οποίαν εξητάσθησαν όλα τα εκκρεμή ζητήματα. Ο υπουργός των Εξωτερικών δηλώσας εις τους δημοσιογράφους ότι δεν υφίσταται λόγος ανησυχίας, επρόσθεσεν ότι αι σχέσεις των δύο χωρών εξακολουθούν να είναι φιλικαί και ότι αναμένεται σύντομον αποτέλεσμα των συνομιλιών. Αι υπηρεσίαι εδέχθησαν μεγάλον αριθμόν αιτήσεων, αι οποίαι θα εξετασθούν κατά σειράν προτεραιότητος.

ΟΙ ΠΟΔΟΣΦΑΙΡΙΣΤΑΙ

ΡΩΜΗ, 20 (Ηνωμ. Τύπος).	Η κυβέρνησις ανεκοίνωσεν χθες ότι αι διαπραγματεύσεις θα συνεχισθούν κατά την προσεχή εβδομάδα, ενώ οι αρμόδιοι παράγοντες εδήλωσαν ότι η κατάστασις παρακολουθείται στενώς. Κατά τας πληροφορίας εκ της πρωτευούσης, οι εκπρόσωποι των ενδιαφερομένων μερών συνήλθον εις σύσκεψιν, κατά την οποίαν εξητάσθησαν όλα τα εκκρεμή ζητήματα. Ο υπουργός των Εξωτερικών δηλώσας εις τους δημοσιογράφους ότι δεν υφίσταται λόγος ανησυχίας, επρόσθεσεν ότι αι σχέσεις των δύο χωρών εξακολουθούν να είναι φιλικαί και ότι αναμένεται σύντομον αποτέλεσμα των συνομιλιών. Αι υπηρεσίαι εδέχθησαν μεγάλον αριθμόν αιτήσεων, αι οποίαι θα εξετασθούν κατά σειράν προτεραιότητος.

Η κυβέρνησις ανεκοίνωσεν χθες ότι αι διαπραγματεύσεις θα συνεχισθούν κατά την προσεχή εβδομάδα, ενώ οι αρμόδιοι παράγοντες εδήλωσαν ότι η κατάστασις παρακολουθείται στενώς. Κατά τας πληροφορίας εκ της πρωτευούσης, οι εκπρόσωποι των ενδιαφερομένων μερών συνήλθον εις σύσκεψιν, κατά την οποίαν εξητάσθησαν όλα τα εκκρεμή ζητήματα. Ο υπουργός των Εξωτερικών δηλώσας εις τους δημοσιογράφους ότι δεν υφίσταται λόγος ανησυχίας, επρόσθεσεν ότι αι σχέσεις των δύο χωρών εξακολουθούν να είναι φιλικαί και ότι αναμένεται σύντομον αποτέλεσμα των συνομιλιών. Αι υπηρεσίαι εδέχθησαν μεγάλον αριθμόν αιτήσεων, αι οποίαι θα εξετασθούν κατά σειράν προτεραιότητος.

Η ΑΠΟΣΤΟΛΗ ΓΙΑΡΡΙΝΓΚ

ΚΑΪΡΟΝ, 20 (Ηνωμ. Τύπος). Η κυβέρνησις ανεκοίνωσεν χθες ότι αι διαπραγματεύσεις θα συνεχισθούν κατά την προσεχή εβδομάδα, ενώ οι αρμόδιοι παράγοντες εδήλωσαν ότι η κατάστασις παρακολουθείται στενώς. Κατά τας πληροφορίας εκ της πρωτευούσης, οι εκπρόσωποι των ενδιαφερομένων μερών συνήλθον εις σύσκεψιν, κατά την οποίαν εξητάσθησαν όλα τα εκκρεμή ζητήματα. Ο υπουργός των Εξωτερικών δηλώσας εις τους δημοσιογράφους ότι δεν υφίσταται λόγος ανησυχίας, επρόσθεσεν ότι αι σχέσεις των δύο χωρών εξακολουθούν να είναι φιλικαί και ότι αναμένεται σύντομον αποτέλεσμα των συνομιλιών. Αι υπηρεσίαι εδέχθησαν μεγάλον αριθμόν αιτήσεων, αι οποίαι θα εξετασθούν κατά σειράν προτεραιότητος.

ΑΙ ΣΥΝΑΝΤΗΣΕΙΣ

ΤΕΛ ΑΒΙΒ, 20 (Ηνωμ. Τύπος). Η κυβέρνησις ανεκοίνωσεν χθες ότι αι διαπραγματεύσεις θα συνεχισθούν κατά την προσεχή εβδομάδα, ενώ οι αρμόδιοι παράγοντες εδήλωσαν ότι η κατάστασις παρακολουθείται στενώς. Κατά τας πληροφορίας εκ της πρωτευούσης, οι εκπρόσωποι των ενδιαφερομένων μερών συνήλθον εις σύσκεψιν, κατά την οποίαν εξητάσθησαν όλα τα εκκρεμή ζητήματα. Ο υπουργός των Εξωτερικών δηλώσας εις τους δημοσιογράφους ότι δεν υφίσταται λόγος ανησυχίας, επρόσθεσεν ότι αι σχέσεις των δύο χωρών εξακολουθούν να είναι φιλικαί και ότι αναμένεται σύντομον αποτέλεσμα των συνομιλιών. Αι υπηρεσίαι εδέχθησαν μεγάλον αριθμόν αιτήσεων, αι οποίαι θα εξετασθούν κατά σειράν προτεραιότητος.

ΕΚΡΗΞΕΙΣ ΧΕΙΡΟΒΟΜΒΙΔΩΝ

ΤΕΛ ΑΒΙΒ, 20 (Ηνωμ. Τύπος). Η κυβέρνησις ανεκοίνωσεν χθες ότι αι διαπραγματεύσεις θα συνεχισθούν κατά την προσεχή εβδομάδα, ενώ οι αρμόδιοι παράγοντες εδήλωσαν ότι η κατάστασις παρακολουθείται στενώς. Κατά τας πληροφορίας εκ της πρωτευούσης, οι εκπρόσωποι των ενδιαφερομένων μερών συνήλθον εις σύσκεψιν, κατά την οποίαν εξητάσθησαν όλα τα εκκρεμή ζητήματα. Ο υπουργός των Εξωτερικών δηλώσας εις τους δημοσιογράφους ότι δεν υφίσταται λόγος ανησυχίας, επρόσθεσεν ότι αι σχέσεις των δύο χωρών εξακολουθούν να είναι φιλικαί και ότι αναμένεται σύντομον αποτέλεσμα των συνομιλιών. Αι υπηρεσίαι εδέχθησαν μεγάλον αριθμόν αιτήσεων, αι οποίαι θα εξετασθούν κατά σειράν προτεραιότητος.

Η Αγγλία δέχεται «κατ' αρχήν»
να σχηματίση με την Γαλλίαν
διμερές πυρηνικόν σύμφωνον
ΜΕ ΑΝΤΑΛΛΑΓΜΑ ΤΗΝ ΕΙΣΟΔΟΝ ΤΗΣ ΕΙΣ ΤΗΝ ΕΥΡΩΠΑΪΚΗΝ ΚΟΙΝΟΤΗΤΑ

ΧΑΓΗ, 20 (Ασσ. Πρές). Η κυβέρνησις ανεκοίνωσεν χθες ότι αι διαπραγματεύσεις θα συνεχισθούν κατά την προσεχή εβδομάδα, ενώ οι αρμόδιοι παράγοντες εδήλωσαν ότι η κατάστασις παρακολουθείται στενώς. Κατά τας πληροφορίας εκ της πρωτευούσης, οι εκπρόσωποι των ενδιαφερομένων μερών συνήλθον εις σύσκεψιν, κατά την οποίαν εξητάσθησαν όλα τα εκκρεμή ζητήματα. Ο υπουργός των Εξωτερικών δηλώσας εις τους δημοσιογράφους ότι δεν υφίσταται λόγος ανησυχίας, επρόσθεσεν ότι αι σχέσεις των δύο χωρών εξακολουθούν να είναι φιλικαί και ότι αναμένεται σύντομον αποτέλεσμα των συνομιλιών. Αι υπηρεσίαι εδέχθησαν μεγάλον αριθμόν αιτήσεων, αι οποίαι θα εξετασθούν κατά σειράν προτεραιότητος.

Η κυβέρνησις ανεκοίνωσεν χθες ότι αι διαπραγματεύσεις θα συνεχισθούν κατά την προσεχή εβδομάδα, ενώ οι αρμόδιοι παράγοντες εδήλωσαν ότι η κατάστασις παρακολουθείται στενώς. Κατά τας πληροφορίας εκ της πρωτευούσης, οι εκπρόσωποι των ενδιαφερομένων μερών συνήλθον εις σύσκεψιν, κατά την οποίαν εξητάσθησαν όλα τα εκκρεμή ζητήματα. Ο υπουργός των Εξωτερικών δηλώσας εις τους δημοσιογράφους ότι δεν υφίσταται λόγος ανησυχίας, επρόσθεσεν ότι αι σχέσεις των δύο χωρών εξακολουθούν να είναι φιλικαί και ότι αναμένεται σύντομον αποτέλεσμα των συνομιλιών. Αι υπηρεσίαι εδέχθησαν μεγάλον αριθμόν αιτήσεων, αι οποίαι θα εξετασθούν κατά σειράν προτεραιότητος.

ΕΚΚΛΗΣΙΣ ΔΙ' ΑΦΟΠΛΙΣΜΟΝ

ΓΕΝΕΥΗ, 20 (Ηνωμ. Τύπος). Η κυβέρνησις ανεκοίνωσεν χθες ότι αι διαπραγματεύσεις θα συνεχισθούν κατά την προσεχή εβδομάδα, ενώ οι αρμόδιοι παράγοντες εδήλωσαν ότι η κατάστασις παρακολουθείται στενώς. Κατά τας πληροφορίας εκ της πρωτευούσης, οι εκπρόσωποι των ενδιαφερομένων μερών συνήλθον εις σύσκεψιν, κατά την οποίαν εξητάσθησαν όλα τα εκκρεμή ζητήματα. Ο υπουργός των Εξωτερικών δηλώσας εις τους δημοσιογράφους ότι δεν υφίσταται λόγος ανησυχίας, επρόσθεσεν ότι αι σχέσεις των δύο χωρών εξακολουθούν να είναι φιλικαί και ότι αναμένεται σύντομον αποτέλεσμα των συνομιλιών. Αι υπηρεσίαι εδέχθησαν μεγάλον αριθμόν αιτήσεων, αι οποίαι θα εξετασθούν κατά σειράν προτεραιότητος.

Ο ΝΤΕΛΑΜΑΣ ΥΠΕΡΑΜΥΝΘΗ ΤΗΣ ΚΥΒΕΡΝΗΣΕΩΣ ΚΑΙ ΑΠΕΙΛΕΙ ΝΑ ΛΑΒΗ ΑΥΣΤΗΡΑ ΜΕΤΡΑ ΚΑΤΑ ΤΩΝ ΔΙΑΔΗΛΩΤΩΝ ΚΑΙ ΕΞΤΡΕΜΙΣΤΩΝ

ΠΑΡΙΣΙΟΙ, 20 (Ρώυτερ). Η κυβέρνησις ανεκοίνωσεν χθες ότι αι διαπραγματεύσεις θα συνεχισθούν κατά την προσεχή εβδομάδα, ενώ οι αρμόδιοι παράγοντες εδήλωσαν ότι η κατάστασις παρακολουθείται στενώς. Κατά τας πληροφορίας εκ της πρωτευούσης, οι εκπρόσωποι των ενδιαφερομένων μερών συνήλθον εις σύσκεψιν, κατά την οποίαν εξητάσθησαν όλα τα εκκρεμή ζητήματα. Ο υπουργός των Εξωτερικών δηλώσας εις τους δημοσιογράφους ότι δεν υφίσταται λόγος ανησυχίας, επρόσθεσεν ότι αι σχέσεις των δύο χωρών εξακολουθούν να είναι φιλικαί και ότι αναμένεται σύντομον αποτέλεσμα των συνομιλιών. Αι υπηρεσίαι εδέχθησαν μεγάλον αριθμόν αιτήσεων, αι οποίαι θα εξετασθούν κατά σειράν προτεραιότητος.

Η κυβέρνησις ανεκοίνωσεν χθες ότι αι διαπραγματεύσεις θα συνεχισθούν κατά την προσεχή εβδομάδα, ενώ οι αρμόδιοι παράγοντες εδήλωσαν ότι η κατάστασις παρακολουθείται στενώς. Κατά τας πληροφορίας εκ της πρωτευούσης, οι εκπρόσωποι των ενδιαφερομένων μερών συνήλθον εις σύσκεψιν, κατά την οποίαν εξητάσθησαν όλα τα εκκρεμή ζητήματα. Ο υπουργός των Εξωτερικών δηλώσας εις τους δημοσιογράφους ότι δεν υφίσταται λόγος ανησυχίας, επρόσθεσεν ότι αι σχέσεις των δύο χωρών εξακολουθούν να είναι φιλικαί και ότι αναμένεται σύντομον αποτέλεσμα των συνομιλιών. Αι υπηρεσίαι εδέχθησαν μεγάλον αριθμόν αιτήσεων, αι οποίαι θα εξετασθούν κατά σειράν προτεραιότητος.

Η ΜΟΣΧΑ ΜΕΤΕΒΑΛΕ ΣΤΑΣΙΝ ΕΝΑΝΤΙ ΤΗΣ ΙΑΠΩΝΙΑΣ ΜΕΤΑ ΤΗΝ ΒΕΛΤΙΩΣΙΝ ΤΩΝ ΣΧΕΣΕΩΝ ΜΕ ΤΗΝ ΚΙΝΑΝ

ΤΟΚΙΟΝ, 20 (Ασσ. Πρές). Η κυβέρνησις ανεκοίνωσεν χθες ότι αι διαπραγματεύσεις θα συνεχισθούν κατά την προσεχή εβδομάδα, ενώ οι αρμόδιοι παράγοντες εδήλωσαν ότι η κατάστασις παρακολουθείται στενώς. Κατά τας πληροφορίας εκ της πρωτευούσης, οι εκπρόσωποι των ενδιαφερομένων μερών συνήλθον εις σύσκεψιν, κατά την οποίαν εξητάσθησαν όλα τα εκκρεμή ζητήματα. Ο υπουργός των Εξωτερικών δηλώσας εις τους δημοσιογράφους ότι δεν υφίσταται λόγος ανησυχίας, επρόσθεσεν ότι αι σχέσεις των δύο χωρών εξακολουθούν να είναι φιλικαί και ότι αναμένεται σύντομον αποτέλεσμα των συνομιλιών. Αι υπηρεσίαι εδέχθησαν μεγάλον αριθμόν αιτήσεων, αι οποίαι θα εξετασθούν κατά σειράν προτεραιότητος.

Η κυβέρνησις ανεκοίνωσεν χθες ότι αι διαπραγματεύσεις θα συνεχισθούν κατά την προσεχή εβδομάδα, ενώ οι αρμόδιοι παράγοντες εδήλωσαν ότι η κατάστασις παρακολουθείται στενώς. Κατά τας πληροφορίας εκ της πρωτευούσης, οι εκπρόσωποι των ενδιαφερομένων μερών συνήλθον εις σύσκεψιν, κατά την οποίαν εξητάσθησαν όλα τα εκκρεμή ζητήματα. Ο υπουργός των Εξωτερικών δηλώσας εις τους δημοσιογράφους ότι δεν υφίσταται λόγος ανησυχίας, επρόσθεσεν ότι αι σχέσεις των δύο χωρών εξακολουθούν να είναι φιλικαί και ότι αναμένεται σύντομον αποτέλεσμα των συνομιλιών. Αι υπηρεσίαι εδέχθησαν μεγάλον αριθμόν αιτήσεων, αι οποίαι θα εξετασθούν κατά σειράν προτεραιότητος.

ΝΕΑΣ ΛΗΣΤΕΙΑΣ ΕΙΣ ΚΩΝΣΤΑΝΤΙΝΟΥΠΟΛΙΝ ΕΠΡΑΓΜΑΤΟΠΟΙΗΣΑΝ ΑΝΤΑΡΤΑΙ ΤΩΝ ΠΟΛΕΩΝ

ΚΩΝΣΤΑΝΤΙΝΟΥΠΟΛΙΣ, 20 (Ηνωμ. Τύπος). Η κυβέρνησις ανεκοίνωσεν χθες ότι αι διαπραγματεύσεις θα συνεχισθούν κατά την προσεχή εβδομάδα, ενώ οι αρμόδιοι παράγοντες εδήλωσαν ότι η κατάστασις παρακολουθείται στενώς. Κατά τας πληροφορίας εκ της πρωτευούσης, οι εκπρόσωποι των ενδιαφερομένων μερών συνήλθον εις σύσκεψιν, κατά την οποίαν εξητάσθησαν όλα τα εκκρεμή ζητήματα. Ο υπουργός των Εξωτερικών δηλώσας εις τους δημοσιογράφους ότι δεν υφίσταται λόγος ανησυχίας, επρόσθεσεν ότι αι σχέσεις των δύο χωρών εξακολουθούν να είναι φιλικαί και ότι αναμένεται σύντομον αποτέλεσμα των συνομιλιών. Αι υπηρεσίαι εδέχθησαν μεγάλον αριθμόν αιτήσεων, αι οποίαι θα εξετασθούν κατά σειράν προτεραιότητος.

ΑΠΟΠΕΙΡΑ ΛΗΣΤΕΙΑΣ

Η κυβέρνησις ανεκοίνωσεν χθες ότι αι διαπραγματεύσεις θα συνεχισθούν κατά την προσεχή εβδομάδα, ενώ οι αρμόδιοι παράγοντες εδήλωσαν ότι η κατάστασις παρακολουθείται στενώς. Κατά τας πληροφορίας εκ της πρωτευούσης, οι εκπρόσωποι των ενδιαφερομένων μερών συνήλθον εις σύσκεψιν, κατά την οποίαν εξητάσθησαν όλα τα εκκρεμή ζητήματα. Ο υπουργός των Εξωτερικών δηλώσας εις τους δημοσιογράφους ότι δεν υφίσταται λόγος ανησυχίας, επρόσθεσεν ότι αι σχέσεις των δύο χωρών εξακολουθούν να είναι φιλικαί και ότι αναμένεται σύντομον αποτέλεσμα των συνομιλιών. Αι υπηρεσίαι εδέχθησαν μεγάλον αριθμόν αιτήσεων, αι οποίαι θα εξετασθούν κατά σειράν προτεραιότητος.

Η ΡΩΣΙΑ ΔΙΑ ΤΗΣ ΔΙΕΙΣΔΥΣΕΩΣ ΕΙΣ ΙΝΔΙΚΟΝ ΕΠΙΔΙΩΚΕΙ ΤΗΝ ΚΥΚΛΩΣΙΝ ΤΗΣ ΛΑΪΚΗΣ ΚΙΝΑΣ

ΚΟΛΟΜΒΟ, 20 (Ασσ. Πρές). Η κυβέρνησις ανεκοίνωσεν χθες ότι αι διαπραγματεύσεις θα συνεχισθούν κατά την προσεχή εβδομάδα, ενώ οι αρμόδιοι παράγοντες εδήλωσαν ότι η κατάστασις παρακολουθείται στενώς. Κατά τας πληροφορίας εκ της πρωτευούσης, οι εκπρόσωποι των ενδιαφερομένων μερών συνήλθον εις σύσκεψιν, κατά την οποίαν εξητάσθησαν όλα τα εκκρεμή ζητήματα. Ο υπουργός των Εξωτερικών δηλώσας εις τους δημοσιογράφους ότι δεν υφίσταται λόγος ανησυχίας, επρόσθεσεν ότι αι σχέσεις των δύο χωρών εξακολουθούν να είναι φιλικαί και ότι αναμένεται σύντομον αποτέλεσμα των συνομιλιών. Αι υπηρεσίαι εδέχθησαν μεγάλον αριθμόν αιτήσεων, αι οποίαι θα εξετασθούν κατά σειράν προτεραιότητος.

ΤΑ ΑΜΕΡΙΚΑΝΙΚΑ ΠΟΛΕΜΙΚΑ

ΣΑΝ ΝΤΙΕΓΚΟ, 20 (Ασσ. Πρές). Η κυβέρνησις ανεκοίνωσεν χθες ότι αι διαπραγματεύσεις θα συνεχισθούν κατά την προσεχή εβδομάδα, ενώ οι αρμόδιοι παράγοντες εδήλωσαν ότι η κατάστασις παρακολουθείται στενώς. Κατά τας πληροφορίας εκ της πρωτευούσης, οι εκπρόσωποι των ενδιαφερομένων μερών συνήλθον εις σύσκεψιν, κατά την οποίαν εξητάσθησαν όλα τα εκκρεμή ζητήματα. Ο υπουργός των Εξωτερικών δηλώσας εις τους δημοσιογράφους ότι δεν υφίσταται λόγος ανησυχίας, επρόσθεσεν ότι αι σχέσεις των δύο χωρών εξακολουθούν να είναι φιλικαί και ότι αναμένεται σύντομον αποτέλεσμα των συνομιλιών. Αι υπηρεσίαι εδέχθησαν μεγάλον αριθμόν αιτήσεων, αι οποίαι θα εξετασθούν κατά σειράν προτεραιότητος.

ΡΩΣΣΙΚΑ ΟΠΛΑ

ΚΟΛΟΜΒΟ, 20 (Ηνωμ. Τύπος).	Η κυβέρνησις ανεκοίνωσεν χθες ότι αι διαπραγματεύσεις θα συνεχισθούν κατά την προσεχή εβδομάδα, ενώ οι αρμόδιοι παράγοντες εδήλωσαν ότι η κατάστασις παρακολουθείται στενώς. Κατά τας πληροφορίας εκ της πρωτευούσης, οι εκπρόσωποι των ενδιαφερομένων μερών συνήλθον εις σύσκεψιν, κατά την οποίαν εξητάσθησαν όλα τα εκκρεμή ζητήματα. Ο υπουργός των Εξωτερικών δηλώσας εις τους δημοσιογράφους ότι δεν υφίσταται λόγος ανησυχίας, επρόσθεσεν ότι αι σχέσεις των δύο χωρών εξακολουθούν να είναι φιλικαί και ότι αναμένεται σύντομον αποτέλεσμα των συνομιλιών. Αι υπηρεσίαι εδέχθησαν μεγάλον αριθμόν αιτήσεων, αι οποίαι θα εξετασθούν κατά σειράν προτεραιότητος.

ΑΠΕΛΑΣΙΣ ΔΗΜΟΣΙΟΓΡΑΦΟΥ

Η κυβέρνησις ανεκοίνωσεν χθες ότι αι διαπραγματεύσεις θα συνεχισθούν κατά την προσεχή εβδομάδα, ενώ οι αρμόδιοι παράγοντες εδήλωσαν ότι η κατάστασις παρακολουθείται στενώς. Κατά τας πληροφορίας εκ της πρωτευούσης, οι εκπρόσωποι των ενδιαφερομένων μερών συνήλθον εις σύσκεψιν, κατά την οποίαν εξητάσθησαν όλα τα εκκρεμή ζητήματα. Ο υπουργός των Εξωτερικών δηλώσας εις τους δημοσιογράφους ότι δεν υφίσταται λόγος ανησυχίας, επρόσθεσεν ότι αι σχέσεις των δύο χωρών εξακολουθούν να είναι φιλικαί και ότι αναμένεται σύντομον αποτέλεσμα των συνομιλιών. Αι υπηρεσίαι εδέχθησαν μεγάλον αριθμόν αιτήσεων, αι οποίαι θα εξετασθούν κατά σειράν προτεραιότητος.

ΤΗΝ ΕΓΚΑΤΑΣΤΑΣΙΝ ΔΙΑΣΤΗΜΙΚΗΣ ΕΞΕΔΡΑΣ ΠΡΟΚΕΙΤΑΙ ΝΑ ΕΠΙΧΕΙΡΗΣΟΥΝ ΟΙ ΡΩΣΣΟΙ

ΣΥΝΕΧΕΙΑ ΕΚ ΤΗΣ 1ης ΣΕΛ. Η κυβέρνησις ανεκοίνωσεν χθες ότι αι διαπραγματεύσεις θα συνεχισθούν κατά την προσεχή εβδομάδα, ενώ οι αρμόδιοι παράγοντες εδήλωσαν ότι η κατάστασις παρακολουθείται στενώς. Κατά τας πληροφορίας εκ της πρωτευούσης, οι εκπρόσωποι των ενδιαφερομένων μερών συνήλθον εις σύσκεψιν, κατά την οποίαν εξητάσθησαν όλα τα εκκρεμή ζητήματα. Ο υπουργός των Εξωτερικών δηλώσας εις τους δημοσιογράφους ότι δεν υφίσταται λόγος ανησυχίας, επρόσθεσεν ότι αι σχέσεις των δύο χωρών εξακολουθούν να είναι φιλικαί και ότι αναμένεται σύντομον αποτέλεσμα των συνομιλιών. Αι υπηρεσίαι εδέχθησαν μεγάλον αριθμόν αιτήσεων, αι οποίαι θα εξετασθούν κατά σειράν προτεραιότητος.

ΟΙ ΑΜΕΡΙΚΑΝΟΙ

ΟΥΑΣΙΓΚΤΩΝ, 20 (Ηνωμ. Τύπος).	Η κυβέρνησις ανεκοίνωσεν χθες ότι αι διαπραγματεύσεις θα συνεχισθούν κατά την προσεχή εβδομάδα, ενώ οι αρμόδιοι παράγοντες εδήλωσαν ότι η κατάστασις παρακολουθείται στενώς. Κατά τας πληροφορίας εκ της πρωτευούσης, οι εκπρόσωποι των ενδιαφερομένων μερών συνήλθον εις σύσκεψιν, κατά την οποίαν εξητάσθησαν όλα τα εκκρεμή ζητήματα. Ο υπουργός των Εξωτερικών δηλώσας εις τους δημοσιογράφους ότι δεν υφίσταται λόγος ανησυχίας, επρόσθεσεν ότι αι σχέσεις των δύο χωρών εξακολουθούν να είναι φιλικαί και ότι αναμένεται σύντομον αποτέλεσμα των συνομιλιών. Αι υπηρεσίαι εδέχθησαν μεγάλον αριθμόν αιτήσεων, αι οποίαι θα εξετασθούν κατά σειράν προτεραιότητος.

ΚΑΙ ΔΙΑΣΤΗΜΟΠΛΟΙΟΝ

ΜΟΣΧΑ, 20 (Ηνωμ. Τύπος). Η κυβέρνησις ανεκοίνωσεν χθες ότι αι διαπραγματεύσεις θα συνεχισθούν κατά την προσεχή εβδομάδα, ενώ οι αρμόδιοι παράγοντες εδήλωσαν ότι η κατάστασις παρακολουθείται στενώς. Κατά τας πληροφορίας εκ της πρωτευούσης, οι εκπρόσωποι των ενδιαφερομένων μερών συνήλθον εις σύσκεψιν, κατά την οποίαν εξητάσθησαν όλα τα εκκρεμή ζητήματα. Ο υπουργός των Εξωτερικών δηλώσας εις τους δημοσιογράφους ότι δεν υφίσταται λόγος ανησυχίας, επρόσθεσεν ότι αι σχέσεις των δύο χωρών εξακολουθούν να είναι φιλικαί και ότι αναμένεται σύντομον αποτέλεσμα των συνομιλιών. Αι υπηρεσίαι εδέχθησαν μεγάλον αριθμόν αιτήσεων, αι οποίαι θα εξετασθούν κατά σειράν προτεραιότητος.

ΤΟ ΠΡΟΣΦΥΓΕΙΟΝ

ΜΟΣΧΑ, 20 (Ηνωμ. Τύπος). Η κυβέρνησις ανεκοίνωσεν χθες ότι αι διαπραγματεύσεις θα συνεχισθούν κατά την προσεχή εβδομάδα, ενώ οι αρμόδιοι παράγοντες εδήλωσαν ότι η κατάστασις παρακολουθείται στενώς. Κατά τας πληροφορίας εκ της πρωτευούσης, οι εκπρόσωποι των ενδιαφερομένων μερών συνήλθον εις σύσκεψιν, κατά την οποίαν εξητάσθησαν όλα τα εκκρεμή ζητήματα. Ο υπουργός των Εξωτερικών δηλώσας εις τους δημοσιογράφους ότι δεν υφίσταται λόγος ανησυχίας, επρόσθεσεν ότι αι σχέσεις των δύο χωρών εξακολουθούν να είναι φιλικαί και ότι αναμένεται σύντομον αποτέλεσμα των συνομιλιών. Αι υπηρεσίαι εδέχθησαν μεγάλον αριθμόν αιτήσεων, αι οποίαι θα εξετασθούν κατά σειράν προτεραιότητος.

ΤΙ ΛΕΓΕΙ Ο ΛΟΒΕΛ

ΤΖΟΝΤΡΕΛ ΜΠΑΝΚ, 20 (Ηνωμ. Τύπος). Η κυβέρνησις ανεκοίνωσεν χθες ότι αι διαπραγματεύσεις θα συνεχισθούν κατά την προσεχή εβδομάδα, ενώ οι αρμόδιοι παράγοντες εδήλωσαν ότι η κατάστασις παρακολουθείται στενώς. Κατά τας πληροφορίας εκ της πρωτευούσης, οι εκπρόσωποι των ενδιαφερομένων μερών συνήλθον εις σύσκεψιν, κατά την οποίαν εξητάσθησαν όλα τα εκκρεμή ζητήματα. Ο υπουργός των Εξωτερικών δηλώσας εις τους δημοσιογράφους ότι δεν υφίσταται λόγος ανησυχίας, επρόσθεσεν ότι αι σχέσεις των δύο χωρών εξακολουθούν να είναι φιλικαί και ότι αναμένεται σύντομον αποτέλεσμα των συνομιλιών. Αι υπηρεσίαι εδέχθησαν μεγάλον αριθμόν αιτήσεων, αι οποίαι θα εξετασθούν κατά σειράν προτεραιότητος.
